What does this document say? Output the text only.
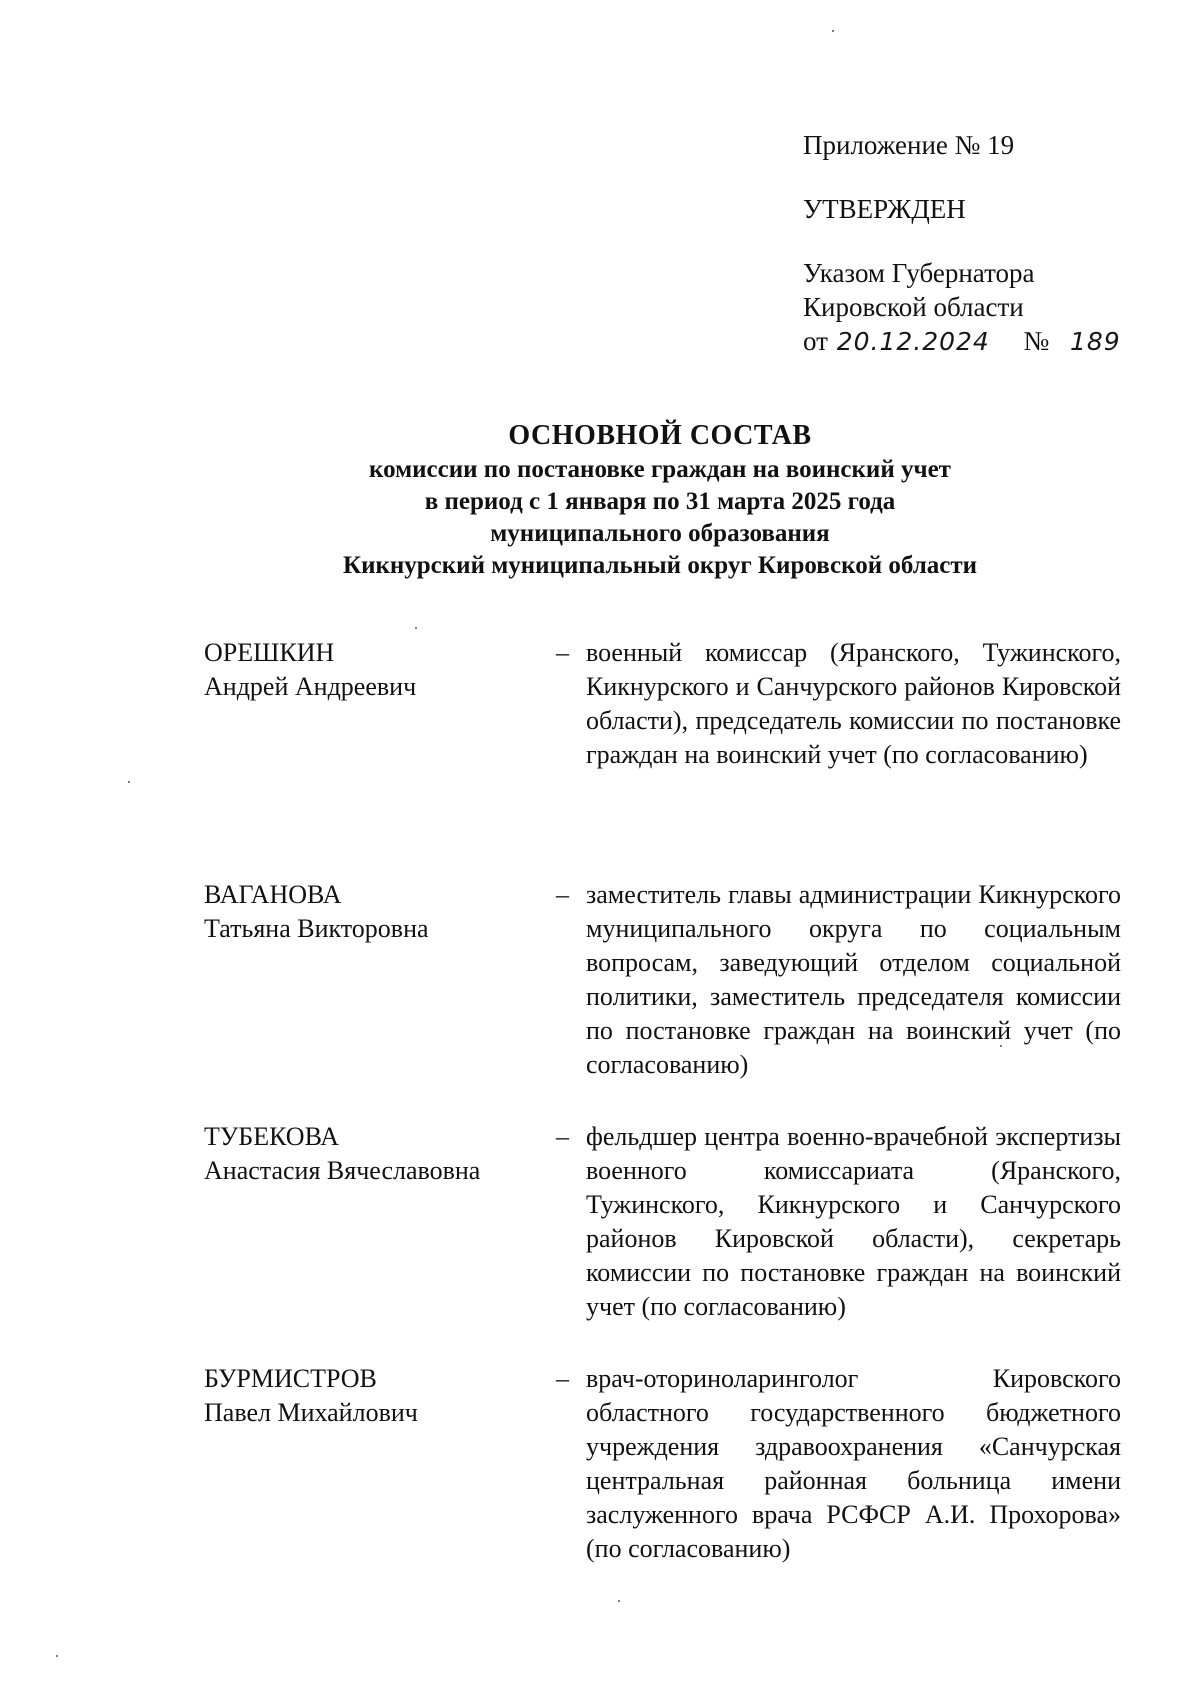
Приложение № 19
УТВЕРЖДЕН
Указом Губернатора
Кировской области
от 20.12.2024 № 189
ОСНОВНОЙ СОСТАВ
комиссии по постановке граждан на воинский учет
в период с 1 января по 31 марта 2025 года
муниципального образования
Кикнурский муниципальный округ Кировской области
ОРЕШКИН
Андрей Андреевич
– военный комиссар (Яранского, Тужинского, Кикнурского и Санчурского районов Кировской области), председатель комиссии по постановке граждан на воинский учет (по согласованию)
ВАГАНОВА
Татьяна Викторовна
– заместитель главы администрации Кикнурского муниципального округа по социальным вопросам, заведующий отделом социальной политики, заместитель председателя комиссии по постановке граждан на воинский учет (по согласованию)
ТУБЕКОВА
Анастасия Вячеславовна
– фельдшер центра военно-врачебной экспертизы военного комиссариата (Яранского, Тужинского, Кикнурского и Санчурского районов Кировской области), секретарь комиссии по постановке граждан на воинский учет (по согласованию)
БУРМИСТРОВ
Павел Михайлович
– врач-оториноларинголог Кировского областного государственного бюджетного учреждения здравоохранения «Санчурская центральная районная больница имени заслуженного врача РСФСР А.И. Прохорова» (по согласованию)
